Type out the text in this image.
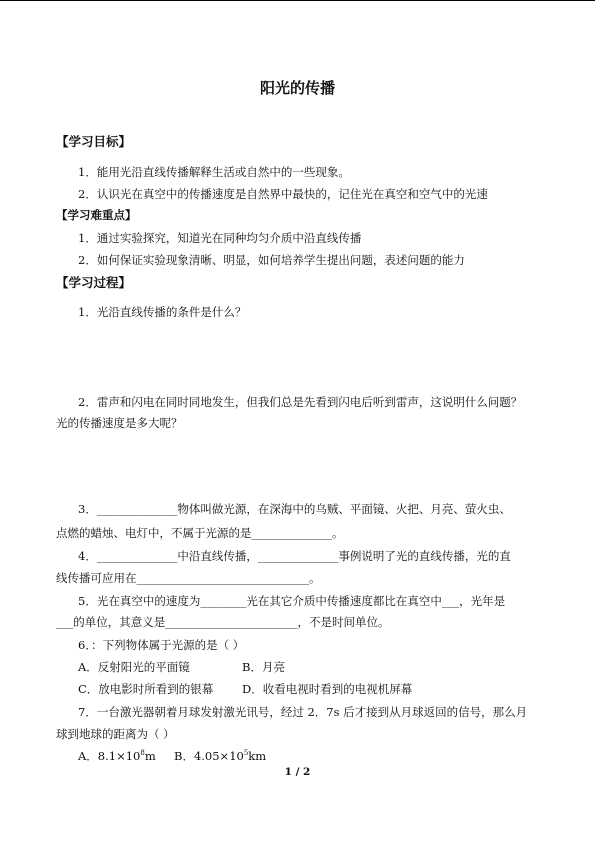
阳光的传播
【学习目标】
1．能用光沿直线传播解释生活或自然中的一些现象。
2．认识光在真空中的传播速度是自然界中最快的，记住光在真空和空气中的光速
【学习难重点】
1．通过实验探究，知道光在同种均匀介质中沿直线传播
2．如何保证实验现象清晰、明显，如何培养学生提出问题，表述问题的能力
【学习过程】
1．光沿直线传播的条件是什么？
2．雷声和闪电在同时同地发生，但我们总是先看到闪电后听到雷声，这说明什么问题？
光的传播速度是多大呢？
3．______________物体叫做光源，在深海中的乌贼、平面镜、火把、月亮、萤火虫、
点燃的蜡烛、电灯中，不属于光源的是______________。
4．______________中沿直线传播，______________事例说明了光的直线传播，光的直
线传播可应用在______________________________。
5．光在真空中的速度为________光在其它介质中传播速度都比在真空中___，光年是
___的单位，其意义是_______________________，不是时间单位。
6．：下列物体属于光源的是（ ）
A．反射阳光的平面镜	B．月亮
C．放电影时所看到的银幕 D．收看电视时看到的电视机屏幕
7．一台激光器朝着月球发射激光讯号，经过 2．7s 后才接到从月球返回的信号，那么月
球到地球的距离为（ ）
A．$8.1\times 10^8m$ B．$4.05\times 10^5km$
1 / 2
